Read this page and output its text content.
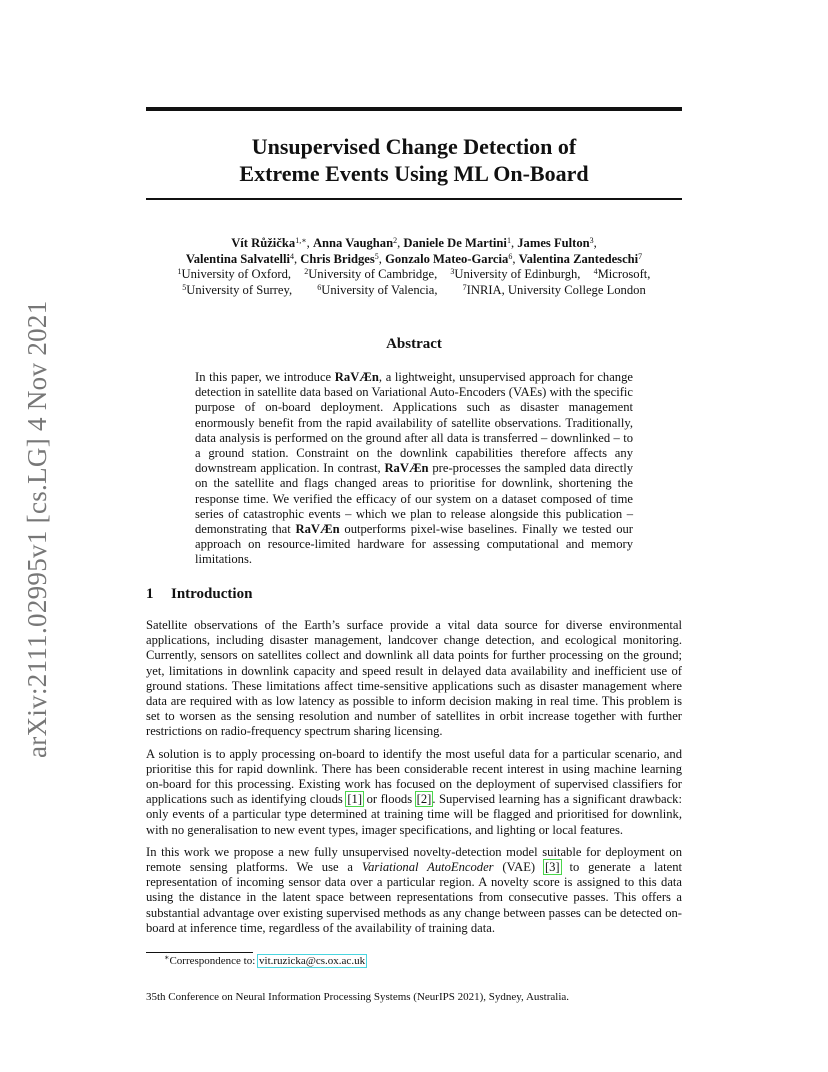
arXiv:2111.02995v1 [cs.LG] 4 Nov 2021
Unsupervised Change Detection of
Extreme Events Using ML On-Board
Vít Růžička$^{1,∗}$, Anna Vaughan$^2$, Daniele De Martini$^1$, James Fulton$^3$,
Valentina Salvatelli$^4$, Chris Bridges$^5$, Gonzalo Mateo-Garcia$^6$, Valentina Zantedeschi$^7$
$^1$University of Oxford, $^2$University of Cambridge, $^3$University of Edinburgh, $^4$Microsoft,
$^5$University of Surrey,	$^6$University of Valencia,	$^7$INRIA, University College London
Abstract
In this paper, we introduce RaVÆn, a lightweight, unsupervised approach for change detection in satellite data based on Variational Auto-Encoders (VAEs) with the specific purpose of on-board deployment. Applications such as disaster management enormously benefit from the rapid availability of satellite observations. Traditionally, data analysis is performed on the ground after all data is transferred – downlinked – to a ground station. Constraint on the downlink capabilities therefore affects any downstream application. In contrast, RaVÆn pre-processes the sampled data directly on the satellite and flags changed areas to prioritise for downlink, shortening the response time. We verified the efficacy of our system on a dataset composed of time series of catastrophic events – which we plan to release alongside this publication – demonstrating that RaVÆn outperforms pixel-wise baselines. Finally we tested our approach on resource-limited hardware for assessing computational and memory limitations.
1 Introduction

Satellite observations of the Earth’s surface provide a vital data source for diverse environmental applications, including disaster management, landcover change detection, and ecological monitoring. Currently, sensors on satellites collect and downlink all data points for further processing on the ground; yet, limitations in downlink capacity and speed result in delayed data availability and inefficient use of ground stations. These limitations affect time-sensitive applications such as disaster management where data are required with as low latency as possible to inform decision making in real time. This problem is set to worsen as the sensing resolution and number of satellites in orbit increase together with further restrictions on radio-frequency spectrum sharing licensing.

A solution is to apply processing on-board to identify the most useful data for a particular scenario, and prioritise this for rapid downlink. There has been considerable recent interest in using machine learning on-board for this processing. Existing work has focused on the deployment of supervised classifiers for applications such as identifying clouds [1] or floods [2]. Supervised learning has a significant drawback: only events of a particular type determined at training time will be flagged and prioritised for downlink, with no generalisation to new event types, imager specifications, and lighting or local features.

In this work we propose a new fully unsupervised novelty-detection model suitable for deployment on remote sensing platforms. We use a Variational AutoEncoder (VAE) [3] to generate a latent representation of incoming sensor data over a particular region. A novelty score is assigned to this data using the distance in the latent space between representations from consecutive passes. This offers a substantial advantage over existing supervised methods as any change between passes can be detected on-board at inference time, regardless of the availability of training data.

∗Correspondence to: vit.ruzicka@cs.ox.ac.uk
35th Conference on Neural Information Processing Systems (NeurIPS 2021), Sydney, Australia.
